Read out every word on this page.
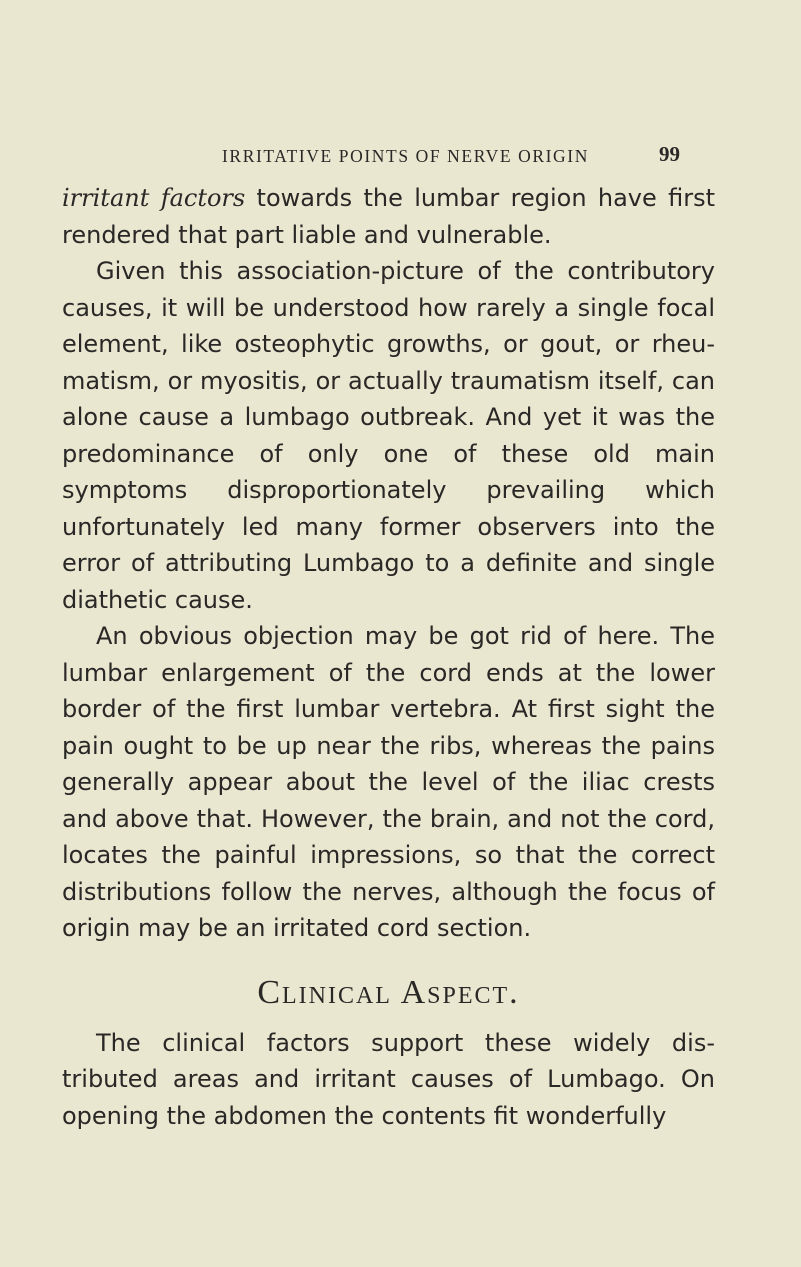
IRRITATIVE POINTS OF NERVE ORIGIN	99

irritant factors towards the lumbar region have first rendered that part liable and vulnerable.

Given this association-picture of the contributory causes, it will be understood how rarely a single focal element, like osteophytic growths, or gout, or rheumatism, or myositis, or actually traumatism itself, can alone cause a lumbago outbreak. And yet it was the predominance of only one of these old main symptoms disproportionately prevailing which unfortunately led many former observers into the error of attributing Lumbago to a definite and single diathetic cause.

An obvious objection may be got rid of here. The lumbar enlargement of the cord ends at the lower border of the first lumbar vertebra. At first sight the pain ought to be up near the ribs, whereas the pains generally appear about the level of the iliac crests and above that. However, the brain, and not the cord, locates the painful impressions, so that the correct distributions follow the nerves, although the focus of origin may be an irritated cord section.

Clinical Aspect.

The clinical factors support these widely distributed areas and irritant causes of Lumbago. On opening the abdomen the contents fit wonderfully
